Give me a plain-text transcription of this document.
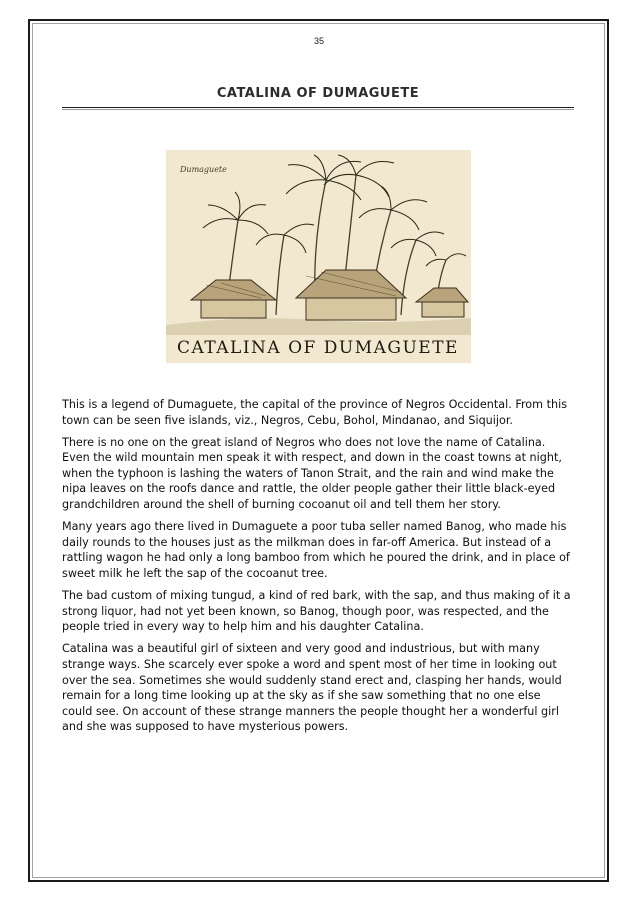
35
CATALINA OF DUMAGUETE
Dumaguete
CATALINA OF DUMAGUETE

This is a legend of Dumaguete, the capital of the province of Negros Occidental. From this town can be seen five islands, viz., Negros, Cebu, Bohol, Mindanao, and Siquijor.

There is no one on the great island of Negros who does not love the name of Catalina. Even the wild mountain men speak it with respect, and down in the coast towns at night, when the typhoon is lashing the waters of Tanon Strait, and the rain and wind make the nipa leaves on the roofs dance and rattle, the older people gather their little black-eyed grandchildren around the shell of burning cocoanut oil and tell them her story.

Many years ago there lived in Dumaguete a poor tuba seller named Banog, who made his daily rounds to the houses just as the milkman does in far-off America. But instead of a rattling wagon he had only a long bamboo from which he poured the drink, and in place of sweet milk he left the sap of the cocoanut tree.

The bad custom of mixing tungud, a kind of red bark, with the sap, and thus making of it a strong liquor, had not yet been known, so Banog, though poor, was respected, and the people tried in every way to help him and his daughter Catalina.

Catalina was a beautiful girl of sixteen and very good and industrious, but with many strange ways. She scarcely ever spoke a word and spent most of her time in looking out over the sea. Sometimes she would suddenly stand erect and, clasping her hands, would remain for a long time looking up at the sky as if she saw something that no one else could see. On account of these strange manners the people thought her a wonderful girl and she was supposed to have mysterious powers.
